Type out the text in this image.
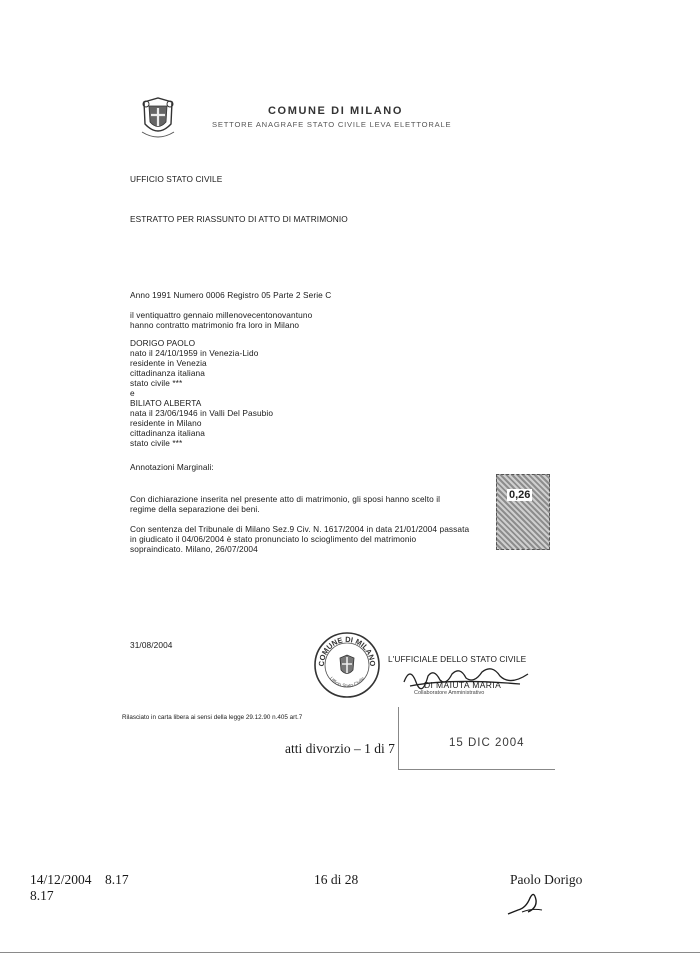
COMUNE DI MILANO
SETTORE ANAGRAFE STATO CIVILE LEVA ELETTORALE
UFFICIO STATO CIVILE
ESTRATTO PER RIASSUNTO DI ATTO DI MATRIMONIO
Anno 1991 Numero 0006 Registro 05 Parte 2 Serie C
il ventiquattro gennaio millenovecentonovantuno
hanno contratto matrimonio fra loro in Milano
DORIGO PAOLO
nato il 24/10/1959 in Venezia-Lido
residente in Venezia
cittadinanza italiana
stato civile ***
e
BILIATO ALBERTA
nata il 23/06/1946 in Valli Del Pasubio
residente in Milano
cittadinanza italiana
stato civile ***
Annotazioni Marginali:
Con dichiarazione inserita nel presente atto di matrimonio, gli sposi hanno scelto il
regime della separazione dei beni.
Con sentenza del Tribunale di Milano Sez.9 Civ. N. 1617/2004 in data 21/01/2004 passata
in giudicato il 04/06/2004 è stato pronunciato lo scioglimento del matrimonio
sopraindicato. Milano, 26/07/2004
0,26
31/08/2004
COMUNE DI MILANO
Ufficio Stato Civile
L'UFFICIALE DELLO STATO CIVILE
DI MAIUTA MARIA
Collaboratore Amministrativo
Rilasciato in carta libera ai sensi della legge 29.12.90 n.405 art.7
15 DIC 2004
atti divorzio – 1 di 7
14/12/2004    8.17
8.17
16 di 28	Paolo Dorigo
